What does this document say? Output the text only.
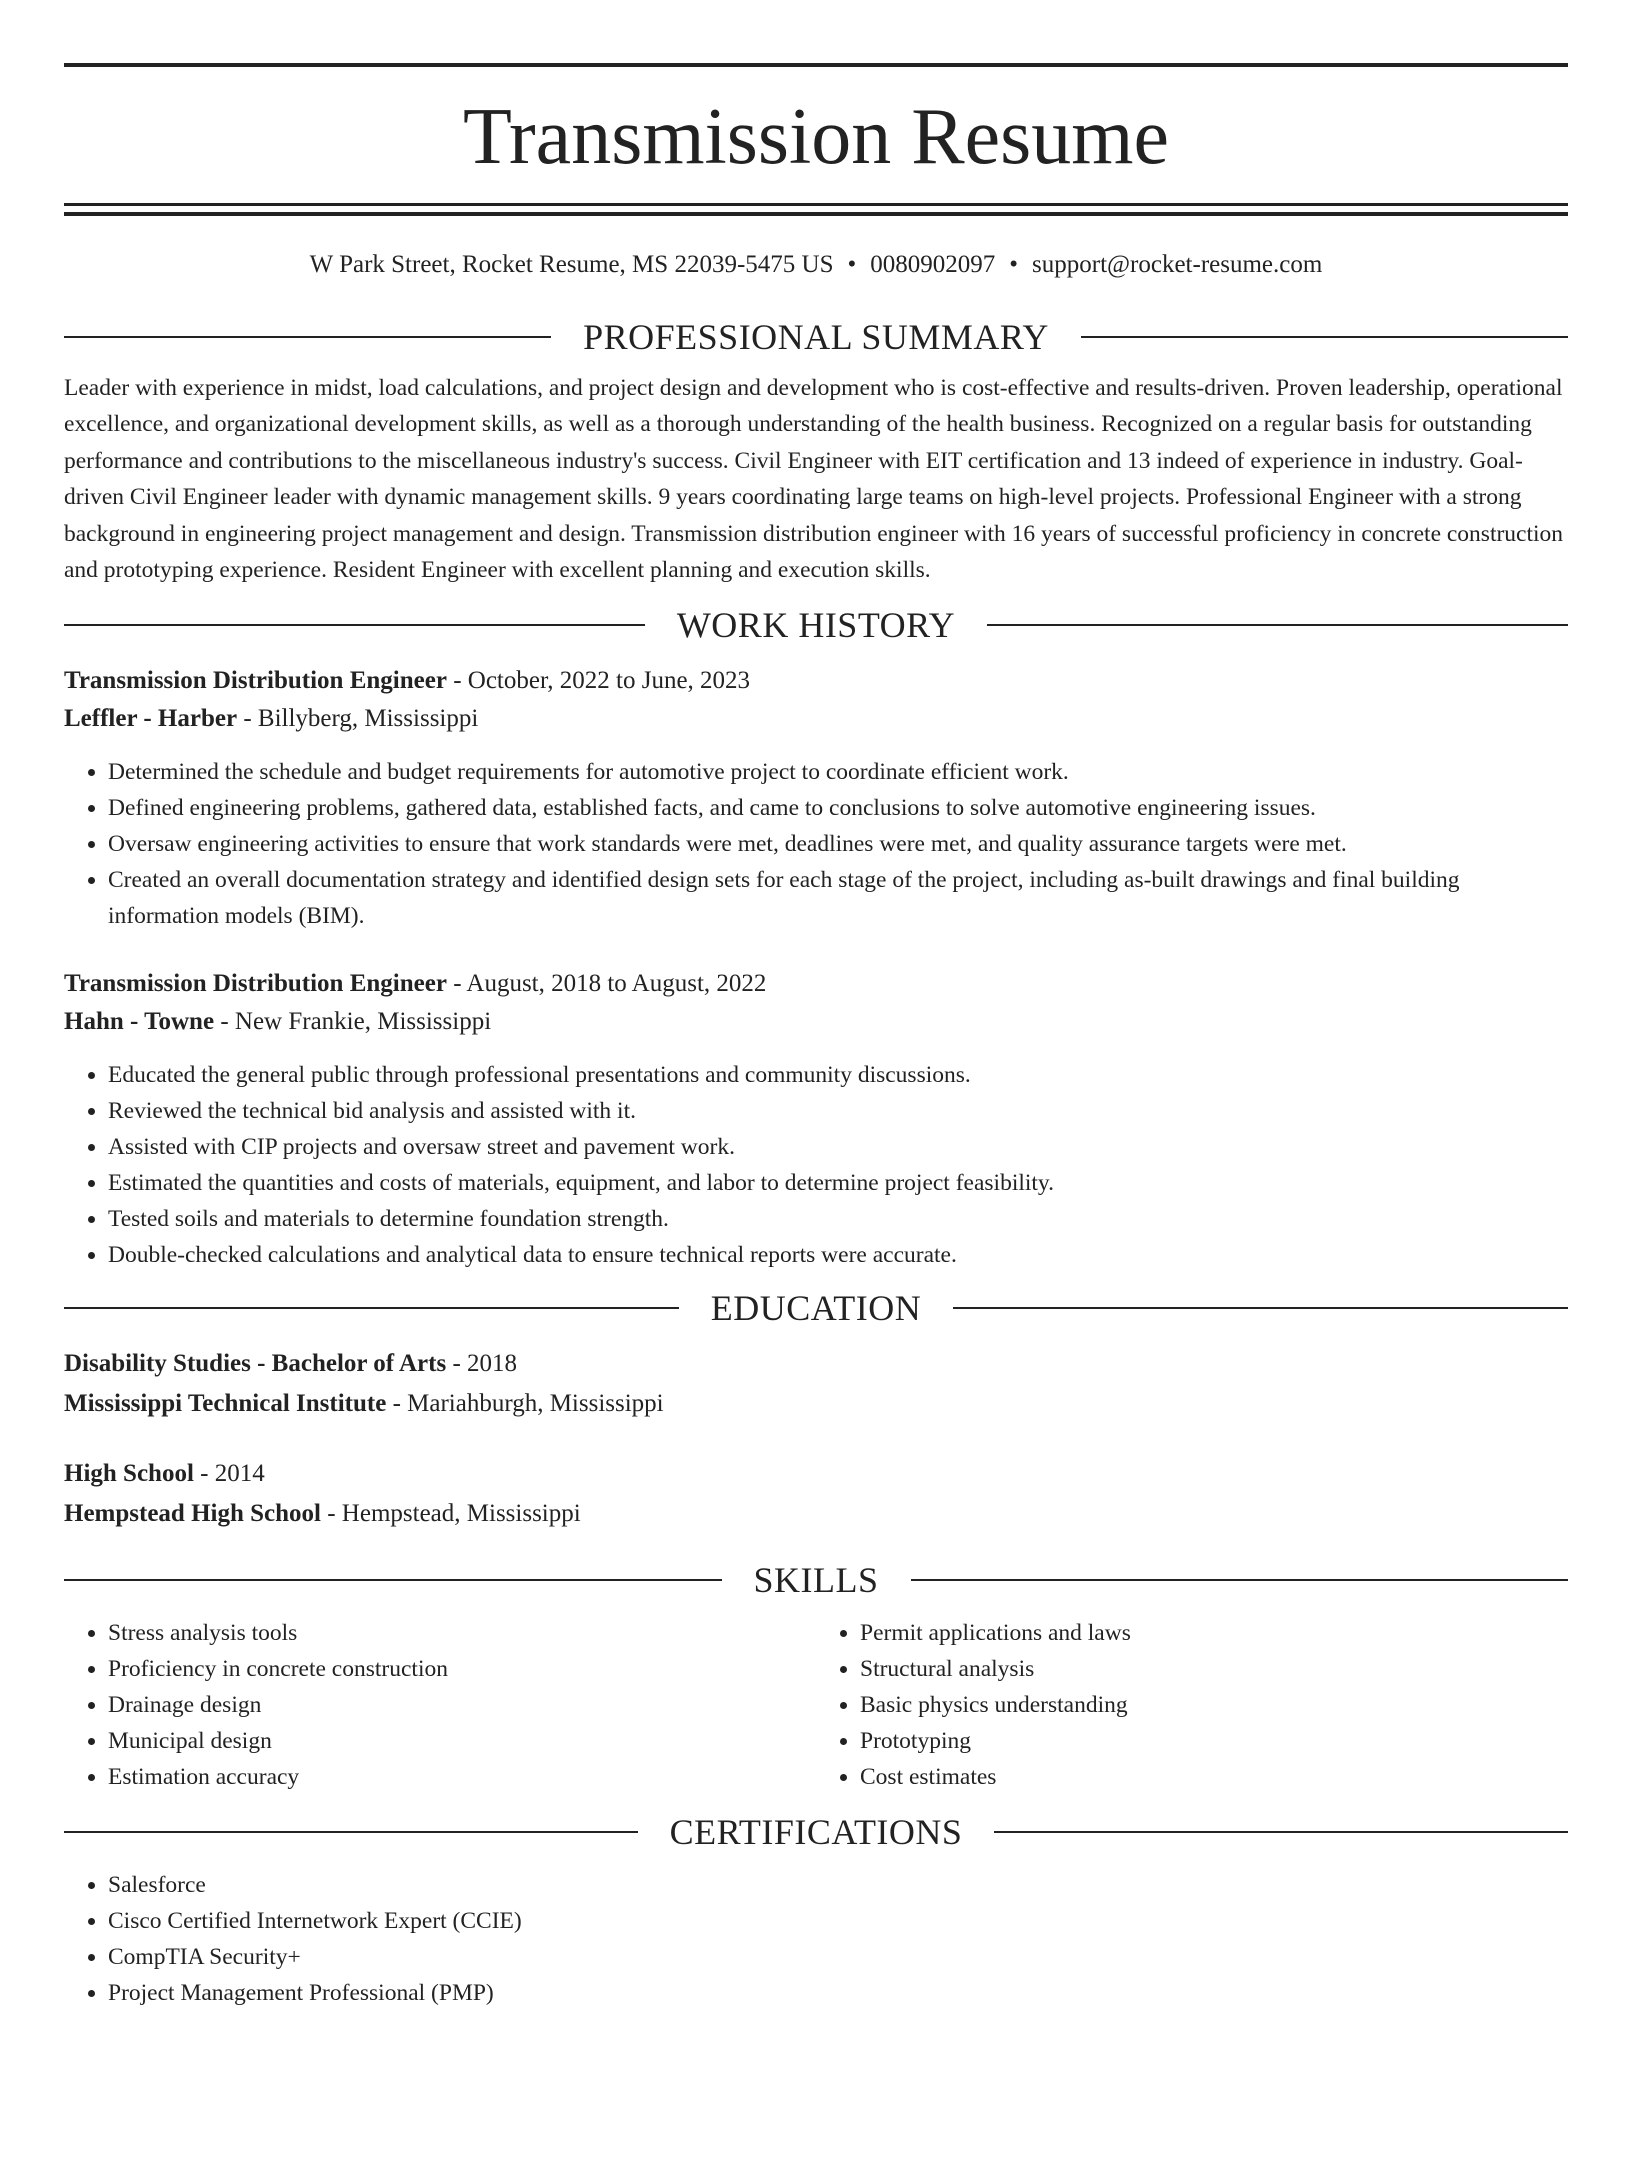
Transmission Resume
W Park Street, Rocket Resume, MS 22039-5475 US • 0080902097 • support@rocket-resume.com
PROFESSIONAL SUMMARY

Leader with experience in midst, load calculations, and project design and development who is cost-effective and results-driven. Proven leadership, operational excellence, and organizational development skills, as well as a thorough understanding of the health business. Recognized on a regular basis for outstanding performance and contributions to the miscellaneous industry's success. Civil Engineer with EIT certification and 13 indeed of experience in industry. Goal-driven Civil Engineer leader with dynamic management skills. 9 years coordinating large teams on high-level projects. Professional Engineer with a strong background in engineering project management and design. Transmission distribution engineer with 16 years of successful proficiency in concrete construction and prototyping experience. Resident Engineer with excellent planning and execution skills.

WORK HISTORY
Transmission Distribution Engineer - October, 2022 to June, 2023
Leffler - Harber - Billyberg, Mississippi
• Determined the schedule and budget requirements for automotive project to coordinate efficient work.
• Defined engineering problems, gathered data, established facts, and came to conclusions to solve automotive engineering issues.
• Oversaw engineering activities to ensure that work standards were met, deadlines were met, and quality assurance targets were met.
• Created an overall documentation strategy and identified design sets for each stage of the project, including as-built drawings and final building information models (BIM).
Transmission Distribution Engineer - August, 2018 to August, 2022
Hahn - Towne - New Frankie, Mississippi
• Educated the general public through professional presentations and community discussions.
• Reviewed the technical bid analysis and assisted with it.
• Assisted with CIP projects and oversaw street and pavement work.
• Estimated the quantities and costs of materials, equipment, and labor to determine project feasibility.
• Tested soils and materials to determine foundation strength.
• Double-checked calculations and analytical data to ensure technical reports were accurate.
EDUCATION
Disability Studies - Bachelor of Arts - 2018
Mississippi Technical Institute - Mariahburgh, Mississippi
High School - 2014
Hempstead High School - Hempstead, Mississippi
SKILLS
• Stress analysis tools
• Proficiency in concrete construction
• Drainage design
• Municipal design
• Estimation accuracy
• Permit applications and laws
• Structural analysis
• Basic physics understanding
• Prototyping
• Cost estimates
CERTIFICATIONS
• Salesforce
• Cisco Certified Internetwork Expert (CCIE)
• CompTIA Security+
• Project Management Professional (PMP)
